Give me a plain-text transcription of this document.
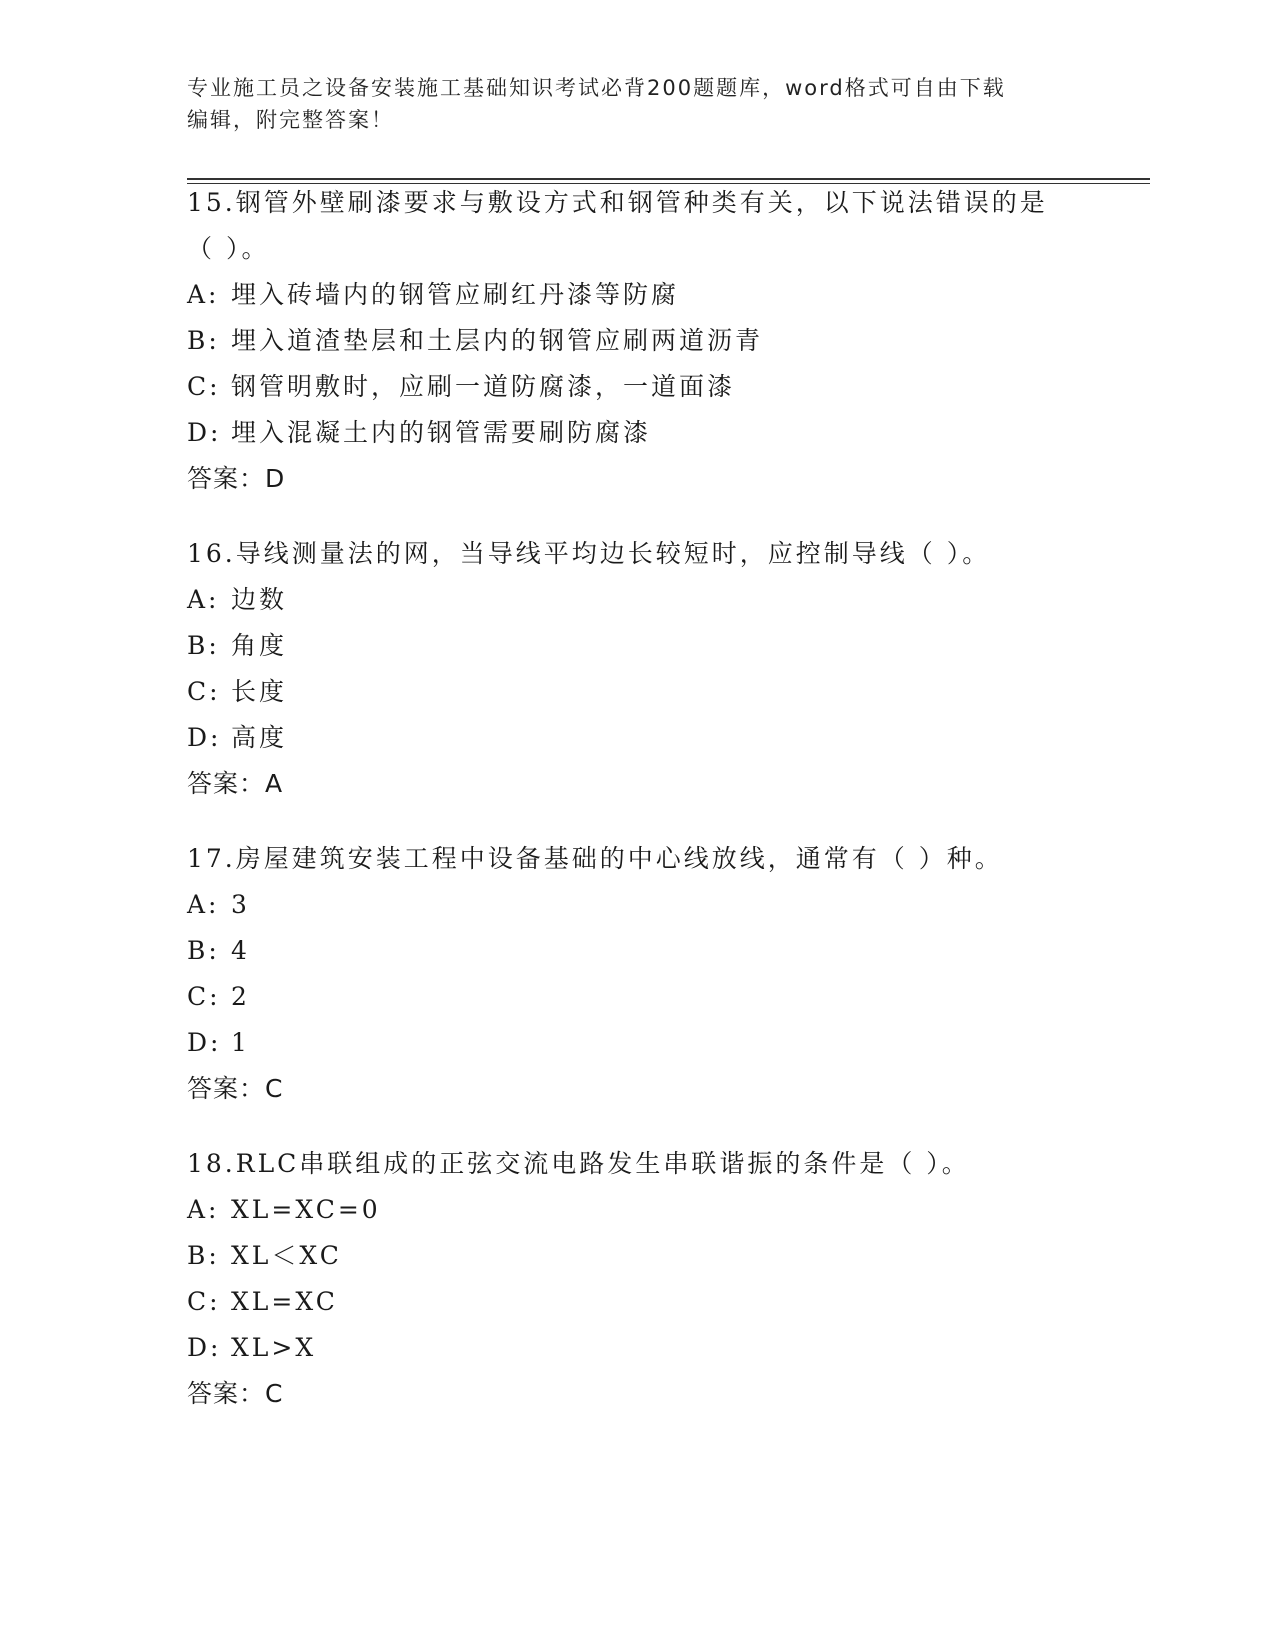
专业施工员之设备安装施工基础知识考试必背200题题库，word格式可自由下载
编辑，附完整答案！

15.钢管外壁刷漆要求与敷设方式和钢管种类有关，以下说法错误的是

（ ）。

A: 埋入砖墙内的钢管应刷红丹漆等防腐

B: 埋入道渣垫层和土层内的钢管应刷两道沥青

C: 钢管明敷时，应刷一道防腐漆，一道面漆

D: 埋入混凝土内的钢管需要刷防腐漆

答案：D

16.导线测量法的网，当导线平均边长较短时，应控制导线（ ）。

A: 边数

B: 角度

C: 长度

D: 高度

答案：A

17.房屋建筑安装工程中设备基础的中心线放线，通常有（ ）种。

A: 3

B: 4

C: 2

D: 1

答案：C

18.RLC串联组成的正弦交流电路发生串联谐振的条件是（ ）。

A: XL=XC=0

B: XL＜XC

C: XL=XC

D: XL>X

答案：C
